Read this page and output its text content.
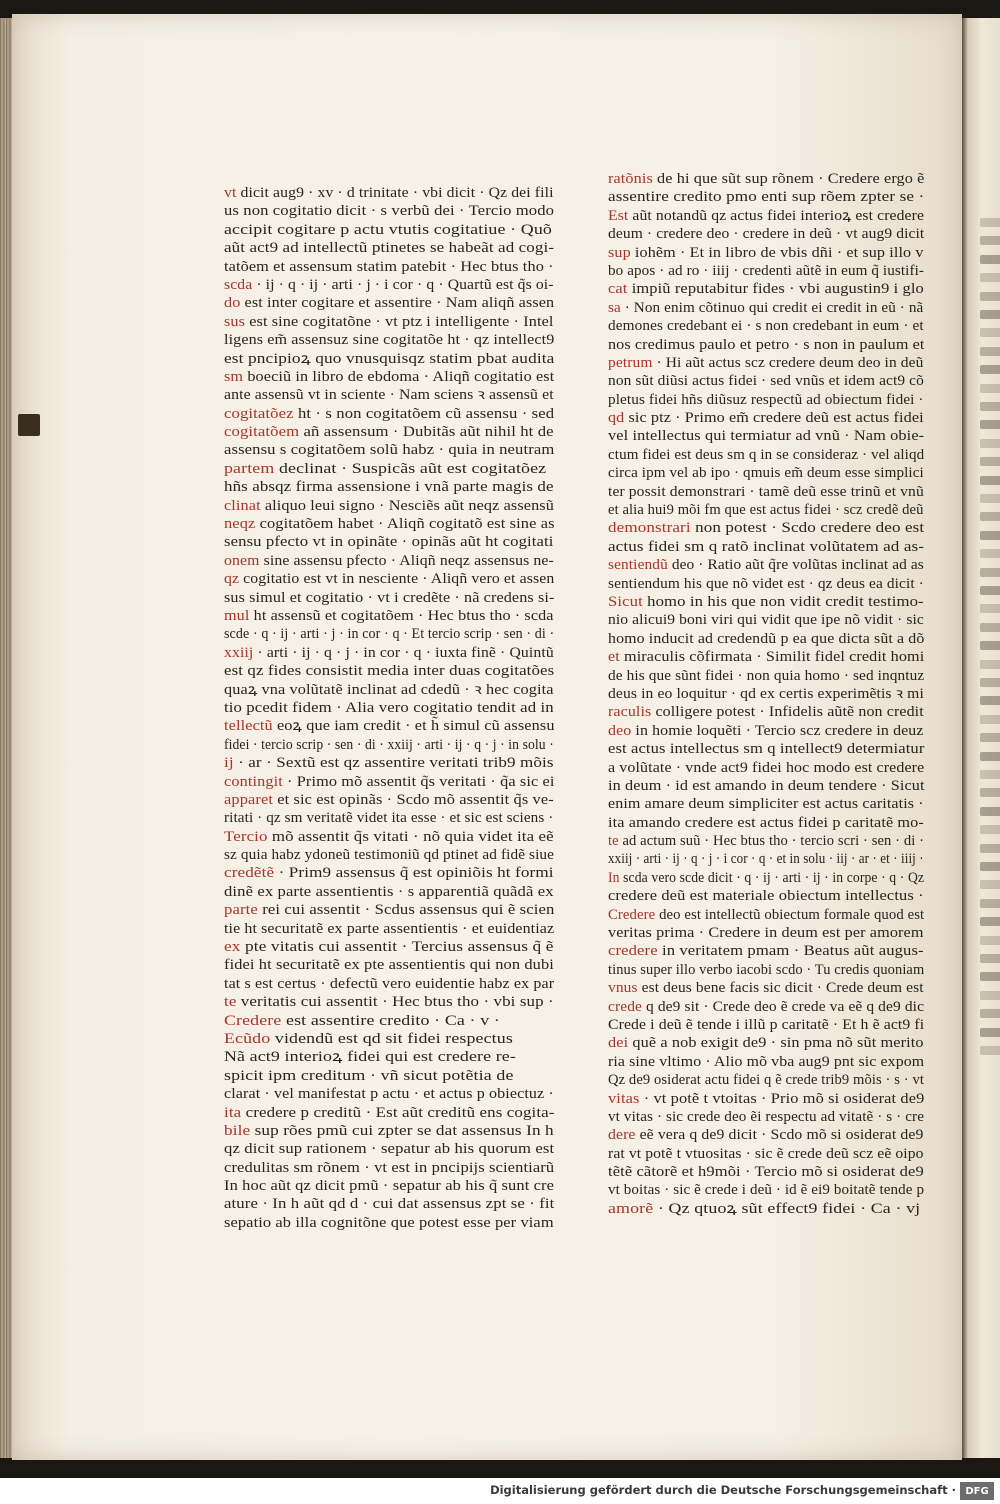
vt dicit aug9 · xv · d trinitate · vbi dicit · Qz dei fili
us non cogitatio dicit · s verbũ dei · Tercio modo
accipit cogitare p actu vtutis cogitatiue · Quõ
aũt act9 ad intellectũ ptinetes se habeãt ad cogi-
tatõem et assensum statim patebit · Hec btus tho ·
scda · ij · q · ij · arti · j · i cor · q · Quartũ est q̃s oi-
do est inter cogitare et assentire · Nam aliqñ assen
sus est sine cogitatõne · vt ptz i intelligente · Intel
ligens em̃ assensuz sine cogitatõe ht · qz intellect9
est pncipioꝝ quo vnusquisqz statim pbat audita
sm boeciũ in libro de ebdoma · Aliqñ cogitatio est
ante assensũ vt in sciente · Nam sciens ꝛ assensũ et
cogitatõez ht · s non cogitatõem cũ assensu · sed
cogitatõem añ assensum · Dubitãs aũt nihil ht de
assensu s cogitatõem solũ habz · quia in neutram
partem declinat · Suspicãs aũt est cogitatõez
hñs absqz firma assensione i vnã parte magis de
clinat aliquo leui signo · Nesciẽs aũt neqz assensũ
neqz cogitatõem habet · Aliqñ cogitatõ est sine as
sensu pfecto vt in opinãte · opinãs aũt ht cogitati
onem sine assensu pfecto · Aliqñ neqz assensus ne-
qz cogitatio est vt in nesciente · Aliqñ vero et assen
sus simul et cogitatio · vt i credẽte · nã credens si-
mul ht assensũ et cogitatõem · Hec btus tho · scda
scde · q · ij · arti · j · in cor · q · Et tercio scrip · sen · di ·
xxiij · arti · ij · q · j · in cor · q · iuxta finẽ · Quintũ
est qz fides consistit media inter duas cogitatões
quaꝝ vna volũtatẽ inclinat ad cdedũ · ꝛ hec cogita
tio pcedit fidem · Alia vero cogitatio tendit ad in
tellectũ eoꝝ que iam credit · et h̃ simul cũ assensu
fidei · tercio scrip · sen · di · xxiij · arti · ij · q · j · in solu ·
ij · ar · Sextũ est qz assentire veritati trib9 mõis
contingit · Primo mõ assentit q̃s veritati · q̃a sic ei
apparet et sic est opinãs · Scdo mõ assentit q̃s ve-
ritati · qz sm veritatẽ videt ita esse · et sic est sciens ·
Tercio mõ assentit q̃s vitati · nõ quia videt ita eẽ
sz quia habz ydoneũ testimoniũ qd ptinet ad fidẽ siue
credẽtẽ · Prim9 assensus q̃ est opiniõis ht formi
dinẽ ex parte assentientis · s apparentiã quãdã ex
parte rei cui assentit · Scdus assensus qui ẽ scien
tie ht securitatẽ ex parte assentientis · et euidentiaz
ex pte vitatis cui assentit · Tercius assensus q̃ ẽ
fidei ht securitatẽ ex pte assentientis qui non dubi
tat s est certus · defectũ vero euidentie habz ex par
te veritatis cui assentit · Hec btus tho · vbi sup ·
Credere est assentire credito · Ca · v ·
Ecũdo videndũ est qd sit fidei respectus
Nã act9 interioꝝ fidei qui est credere re-
spicit ipm creditum · vñ sicut potẽtia de
clarat · vel manifestat p actu · et actus p obiectuz ·
ita credere p creditũ · Est aũt creditũ ens cogita-
bile sup rões pmũ cui zpter se dat assensus In h
qz dicit sup rationem · sepatur ab his quorum est
credulitas sm rõnem · vt est in pncipijs scientiarũ
In hoc aũt qz dicit pmũ · sepatur ab his q̃ sunt cre
ature · In h aũt qd d · cui dat assensus zpt se · fit
sepatio ab illa cognitõne que potest esse per viam
ratõnis de hi que sũt sup rõnem · Credere ergo ẽ
assentire credito pmo enti sup rõem zpter se ·
Est aũt notandũ qz actus fidei interioꝝ est credere
deum · credere deo · credere in deũ · vt aug9 dicit
sup iohẽm · Et in libro de vbis dñi · et sup illo v
bo apos · ad ro · iiij · credenti aũtẽ in eum q̃ iustifi-
cat impiũ reputabitur fides · vbi augustin9 i glo
sa · Non enim cõtinuo qui credit ei credit in eũ · nã
demones credebant ei · s non credebant in eum · et
nos credimus paulo et petro · s non in paulum et
petrum · Hi aũt actus scz credere deum deo in deũ
non sũt diũsi actus fidei · sed vnũs et idem act9 cõ
pletus fidei hñs diũsuz respectũ ad obiectum fidei ·
qd sic ptz · Primo em̃ credere deũ est actus fidei
vel intellectus qui termiatur ad vnũ · Nam obie-
ctum fidei est deus sm q in se consideraz · vel aliqd
circa ipm vel ab ipo · qmuis em̃ deum esse simplici
ter possit demonstrari · tamẽ deũ esse trinũ et vnũ
et alia hui9 mõi fm que est actus fidei · scz credẽ deũ
demonstrari non potest · Scdo credere deo est
actus fidei sm q ratõ inclinat volũtatem ad as-
sentiendũ deo · Ratio aũt q̃re volũtas inclinat ad as
sentiendum his que nõ videt est · qz deus ea dicit ·
Sicut homo in his que non vidit credit testimo-
nio alicui9 boni viri qui vidit que ipe nõ vidit · sic
homo inducit ad credendũ p ea que dicta sũt a dõ
et miraculis cõfirmata · Similit fidel credit homi
de his que sũnt fidei · non quia homo · sed inqntuz
deus in eo loquitur · qd ex certis experimẽtis ꝛ mi
raculis colligere potest · Infidelis aũtẽ non credit
deo in homie loquẽti · Tercio scz credere in deuz
est actus intellectus sm q intellect9 determiatur
a volũtate · vnde act9 fidei hoc modo est credere
in deum · id est amando in deum tendere · Sicut
enim amare deum simpliciter est actus caritatis ·
ita amando credere est actus fidei p caritatẽ mo-
te ad actum suũ · Hec btus tho · tercio scri · sen · di ·
xxiij · arti · ij · q · j · i cor · q · et in solu · iij · ar · et · iiij ·
In scda vero scde dicit · q · ij · arti · ij · in corpe · q · Qz
credere deũ est materiale obiectum intellectus ·
Credere deo est intellectũ obiectum formale quod est
veritas prima · Credere in deum est per amorem
credere in veritatem pmam · Beatus aũt augus-
tinus super illo verbo iacobi scdo · Tu credis quoniam
vnus est deus bene facis sic dicit · Crede deum est
crede q de9 sit · Crede deo ẽ crede va eẽ q de9 dic
Crede i deũ ẽ tende i illũ p caritatẽ · Et h ẽ act9 fi
dei quẽ a nob exigit de9 · sin pma nõ sũt merito
ria sine vltimo · Alio mõ vba aug9 pnt sic expom
Qz de9 osiderat actu fidei q ẽ crede trib9 mõis · s · vt
vitas · vt potẽ t vtoitas · Prio mõ si osiderat de9
vt vitas · sic crede deo ẽi respectu ad vitatẽ · s · cre
dere eẽ vera q de9 dicit · Scdo mõ si osiderat de9
rat vt potẽ t vtuositas · sic ẽ crede deũ scz eẽ oipo
tẽtẽ cãtorẽ et h9mõi · Tercio mõ si osiderat de9
vt boitas · sic ẽ crede i deũ · id ẽ ei9 boitatẽ tende p
amorẽ · Qz qtuoꝝ sũt effect9 fidei · Ca · vj
Digitalisierung gefördert durch die Deutsche Forschungsgemeinschaft · DFG
